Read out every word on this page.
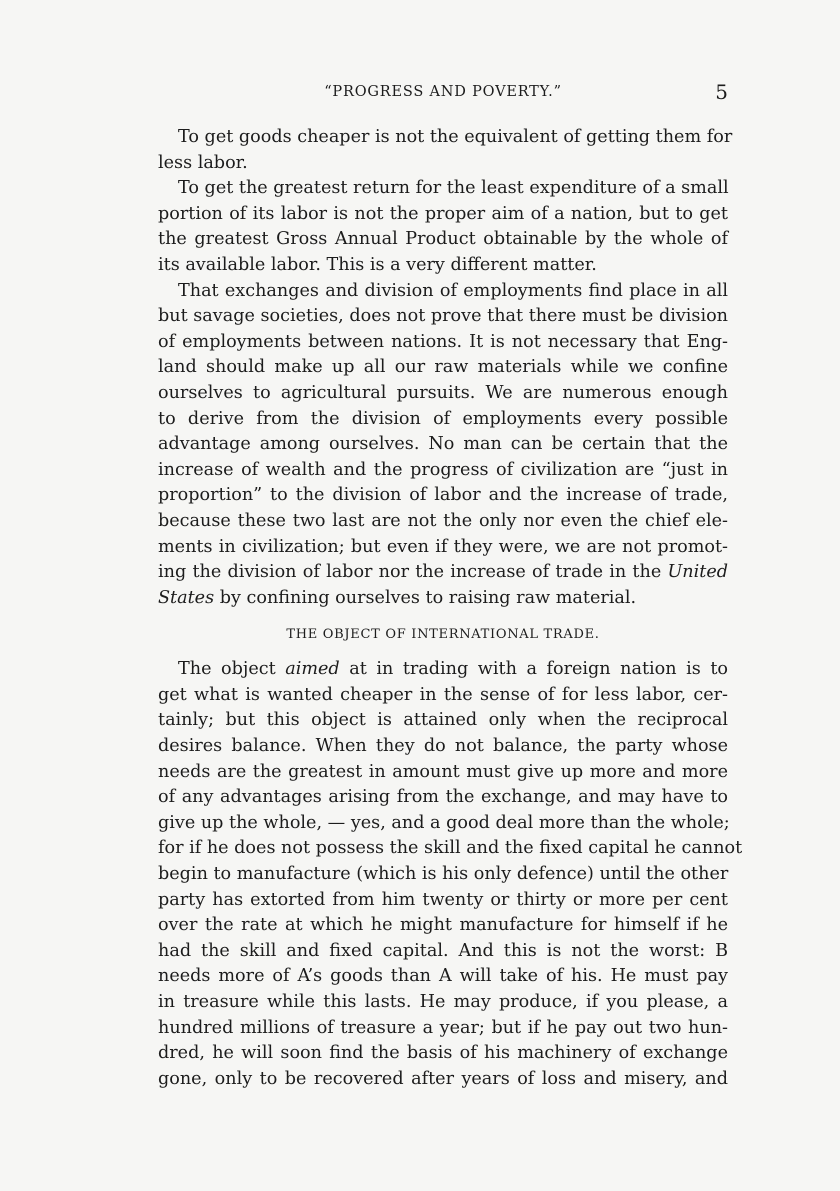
“PROGRESS AND POVERTY.”	5
To get goods cheaper is not the equivalent of getting them for
less labor.
To get the greatest return for the least expenditure of a small
portion of its labor is not the proper aim of a nation, but to get
the greatest Gross Annual Product obtainable by the whole of
its available labor. This is a very different matter.
That exchanges and division of employments find place in all
but savage societies, does not prove that there must be division
of employments between nations. It is not necessary that Eng-
land should make up all our raw materials while we confine
ourselves to agricultural pursuits. We are numerous enough
to derive from the division of employments every possible
advantage among ourselves. No man can be certain that the
increase of wealth and the progress of civilization are “just in
proportion” to the division of labor and the increase of trade,
because these two last are not the only nor even the chief ele-
ments in civilization; but even if they were, we are not promot-
ing the division of labor nor the increase of trade in the United
States by confining ourselves to raising raw material.
THE OBJECT OF INTERNATIONAL TRADE.
The object aimed at in trading with a foreign nation is to
get what is wanted cheaper in the sense of for less labor, cer-
tainly; but this object is attained only when the reciprocal
desires balance. When they do not balance, the party whose
needs are the greatest in amount must give up more and more
of any advantages arising from the exchange, and may have to
give up the whole, — yes, and a good deal more than the whole;
for if he does not possess the skill and the fixed capital he cannot
begin to manufacture (which is his only defence) until the other
party has extorted from him twenty or thirty or more per cent
over the rate at which he might manufacture for himself if he
had the skill and fixed capital. And this is not the worst: B
needs more of A’s goods than A will take of his. He must pay
in treasure while this lasts. He may produce, if you please, a
hundred millions of treasure a year; but if he pay out two hun-
dred, he will soon find the basis of his machinery of exchange
gone, only to be recovered after years of loss and misery, and
